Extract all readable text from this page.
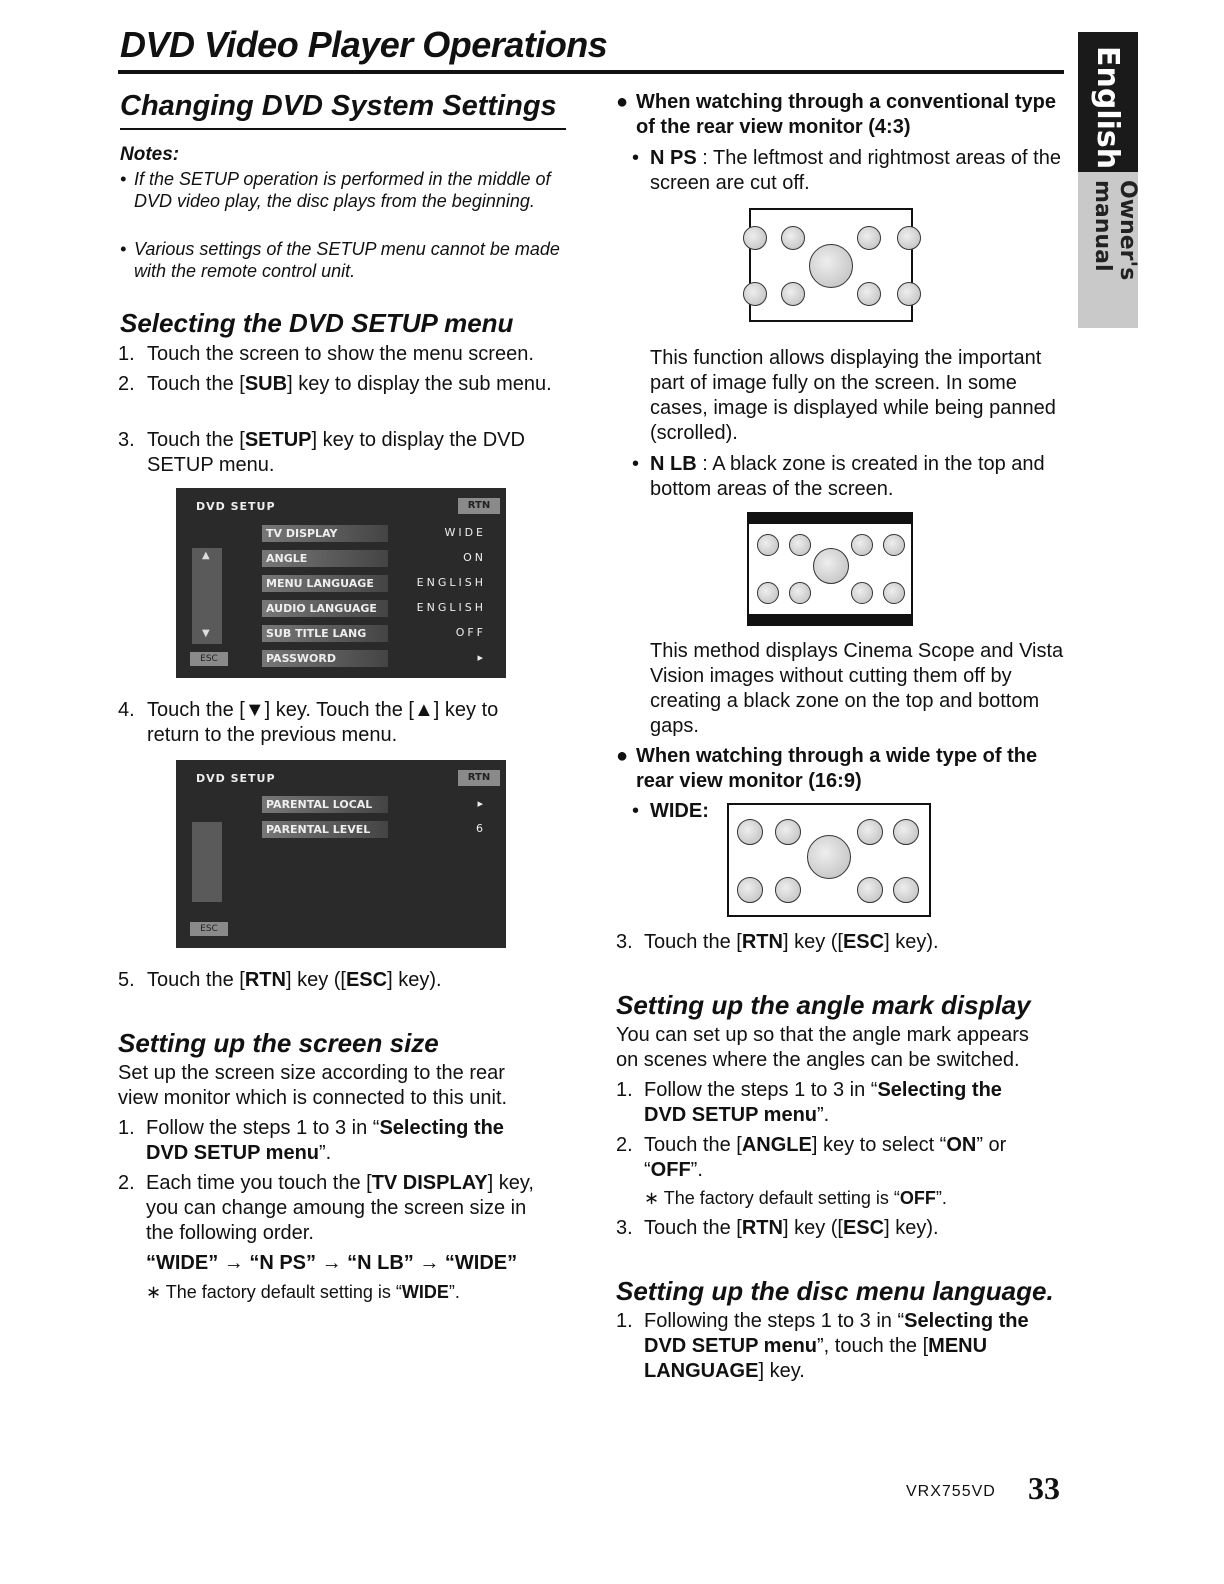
DVD Video Player Operations
English
Owner's manual
Changing DVD System Settings
Notes:
• If the SETUP operation is performed in the middle of DVD video play, the disc plays from the beginning.
• Various settings of the SETUP menu cannot be made with the remote control unit.
Selecting the DVD SETUP menu
1. Touch the screen to show the menu screen.
2. Touch the [SUB] key to display the sub menu.
3. Touch the [SETUP] key to display the DVD SETUP menu.
DVD SETUP	RTN
▲
▼
TV DISPLAY	WIDE
ANGLE	ON
MENU LANGUAGE	ENGLISH
AUDIO LANGUAGE	ENGLISH
SUB TITLE LANG	OFF
PASSWORD	▸
ESC
4. Touch the [▼] key. Touch the [▲] key to return to the previous menu.
DVD SETUP	RTN
PARENTAL LOCAL	▸
PARENTAL LEVEL	6
ESC
5. Touch the [RTN] key ([ESC] key).
Setting up the screen size
Set up the screen size according to the rear view monitor which is connected to this unit.
1. Follow the steps 1 to 3 in “Selecting the DVD SETUP menu”.
2. Each time you touch the [TV DISPLAY] key, you can change amoung the screen size in the following order.
“WIDE” → “N PS” → “N LB” → “WIDE”
∗ The factory default setting is “WIDE”.
● When watching through a conventional type of the rear view monitor (4:3)
• N PS : The leftmost and rightmost areas of the screen are cut off.
This function allows displaying the important part of image fully on the screen. In some cases, image is displayed while being panned (scrolled).
• N LB : A black zone is created in the top and bottom areas of the screen.
This method displays Cinema Scope and Vista Vision images without cutting them off by creating a black zone on the top and bottom gaps.
● When watching through a wide type of the rear view monitor (16:9)
• WIDE:
3. Touch the [RTN] key ([ESC] key).
Setting up the angle mark display
You can set up so that the angle mark appears on scenes where the angles can be switched.
1. Follow the steps 1 to 3 in “Selecting the DVD SETUP menu”.
2. Touch the [ANGLE] key to select “ON” or “OFF”.
∗ The factory default setting is “OFF”.
3. Touch the [RTN] key ([ESC] key).
Setting up the disc menu language.
1. Following the steps 1 to 3 in “Selecting the DVD SETUP menu”, touch the [MENU LANGUAGE] key.
VRX755VD 33
